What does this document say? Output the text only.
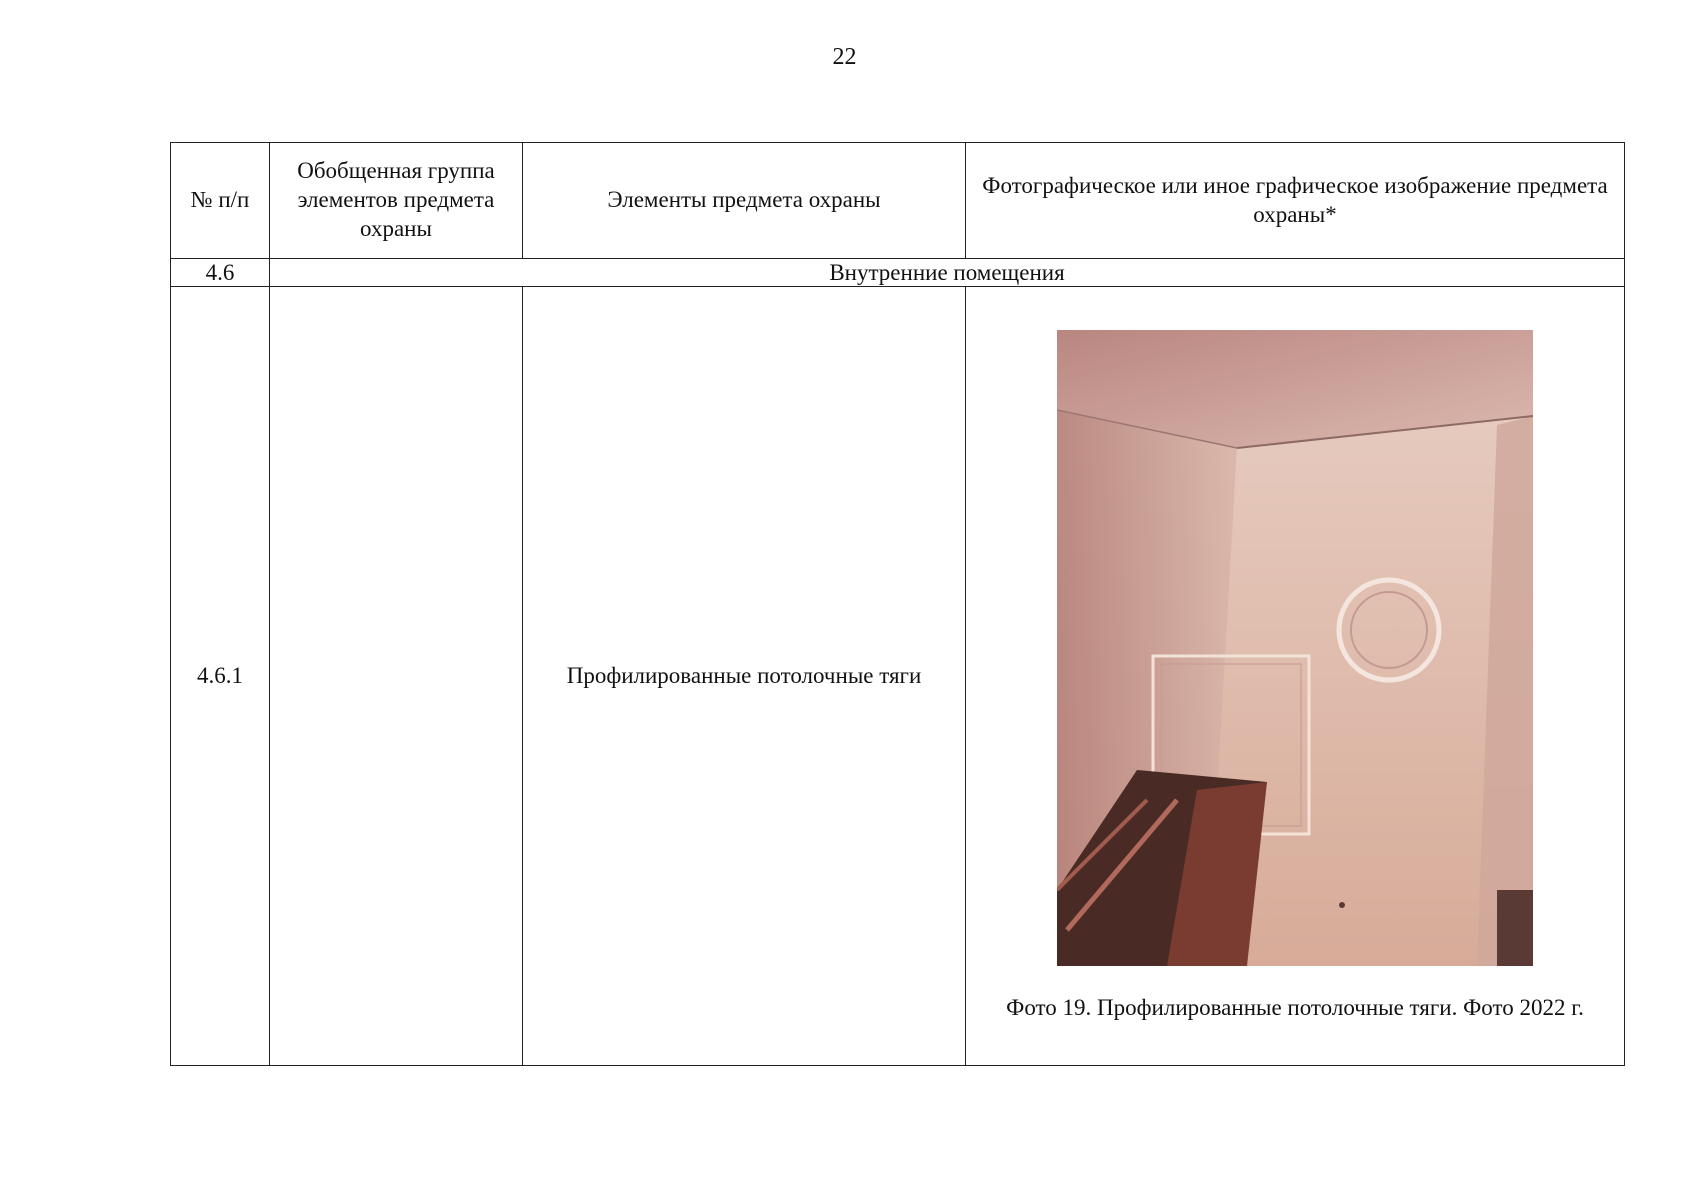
22
№ п/п	Обобщенная группа элементов предмета охраны	Элементы предмета охраны	Фотографическое или иное графическое изображение предмета охраны*
4.6	Внутренние помещения		
4.6.1		Профилированные потолочные тяги	Фото 19. Профилированные потолочные тяги. Фото 2022 г.
